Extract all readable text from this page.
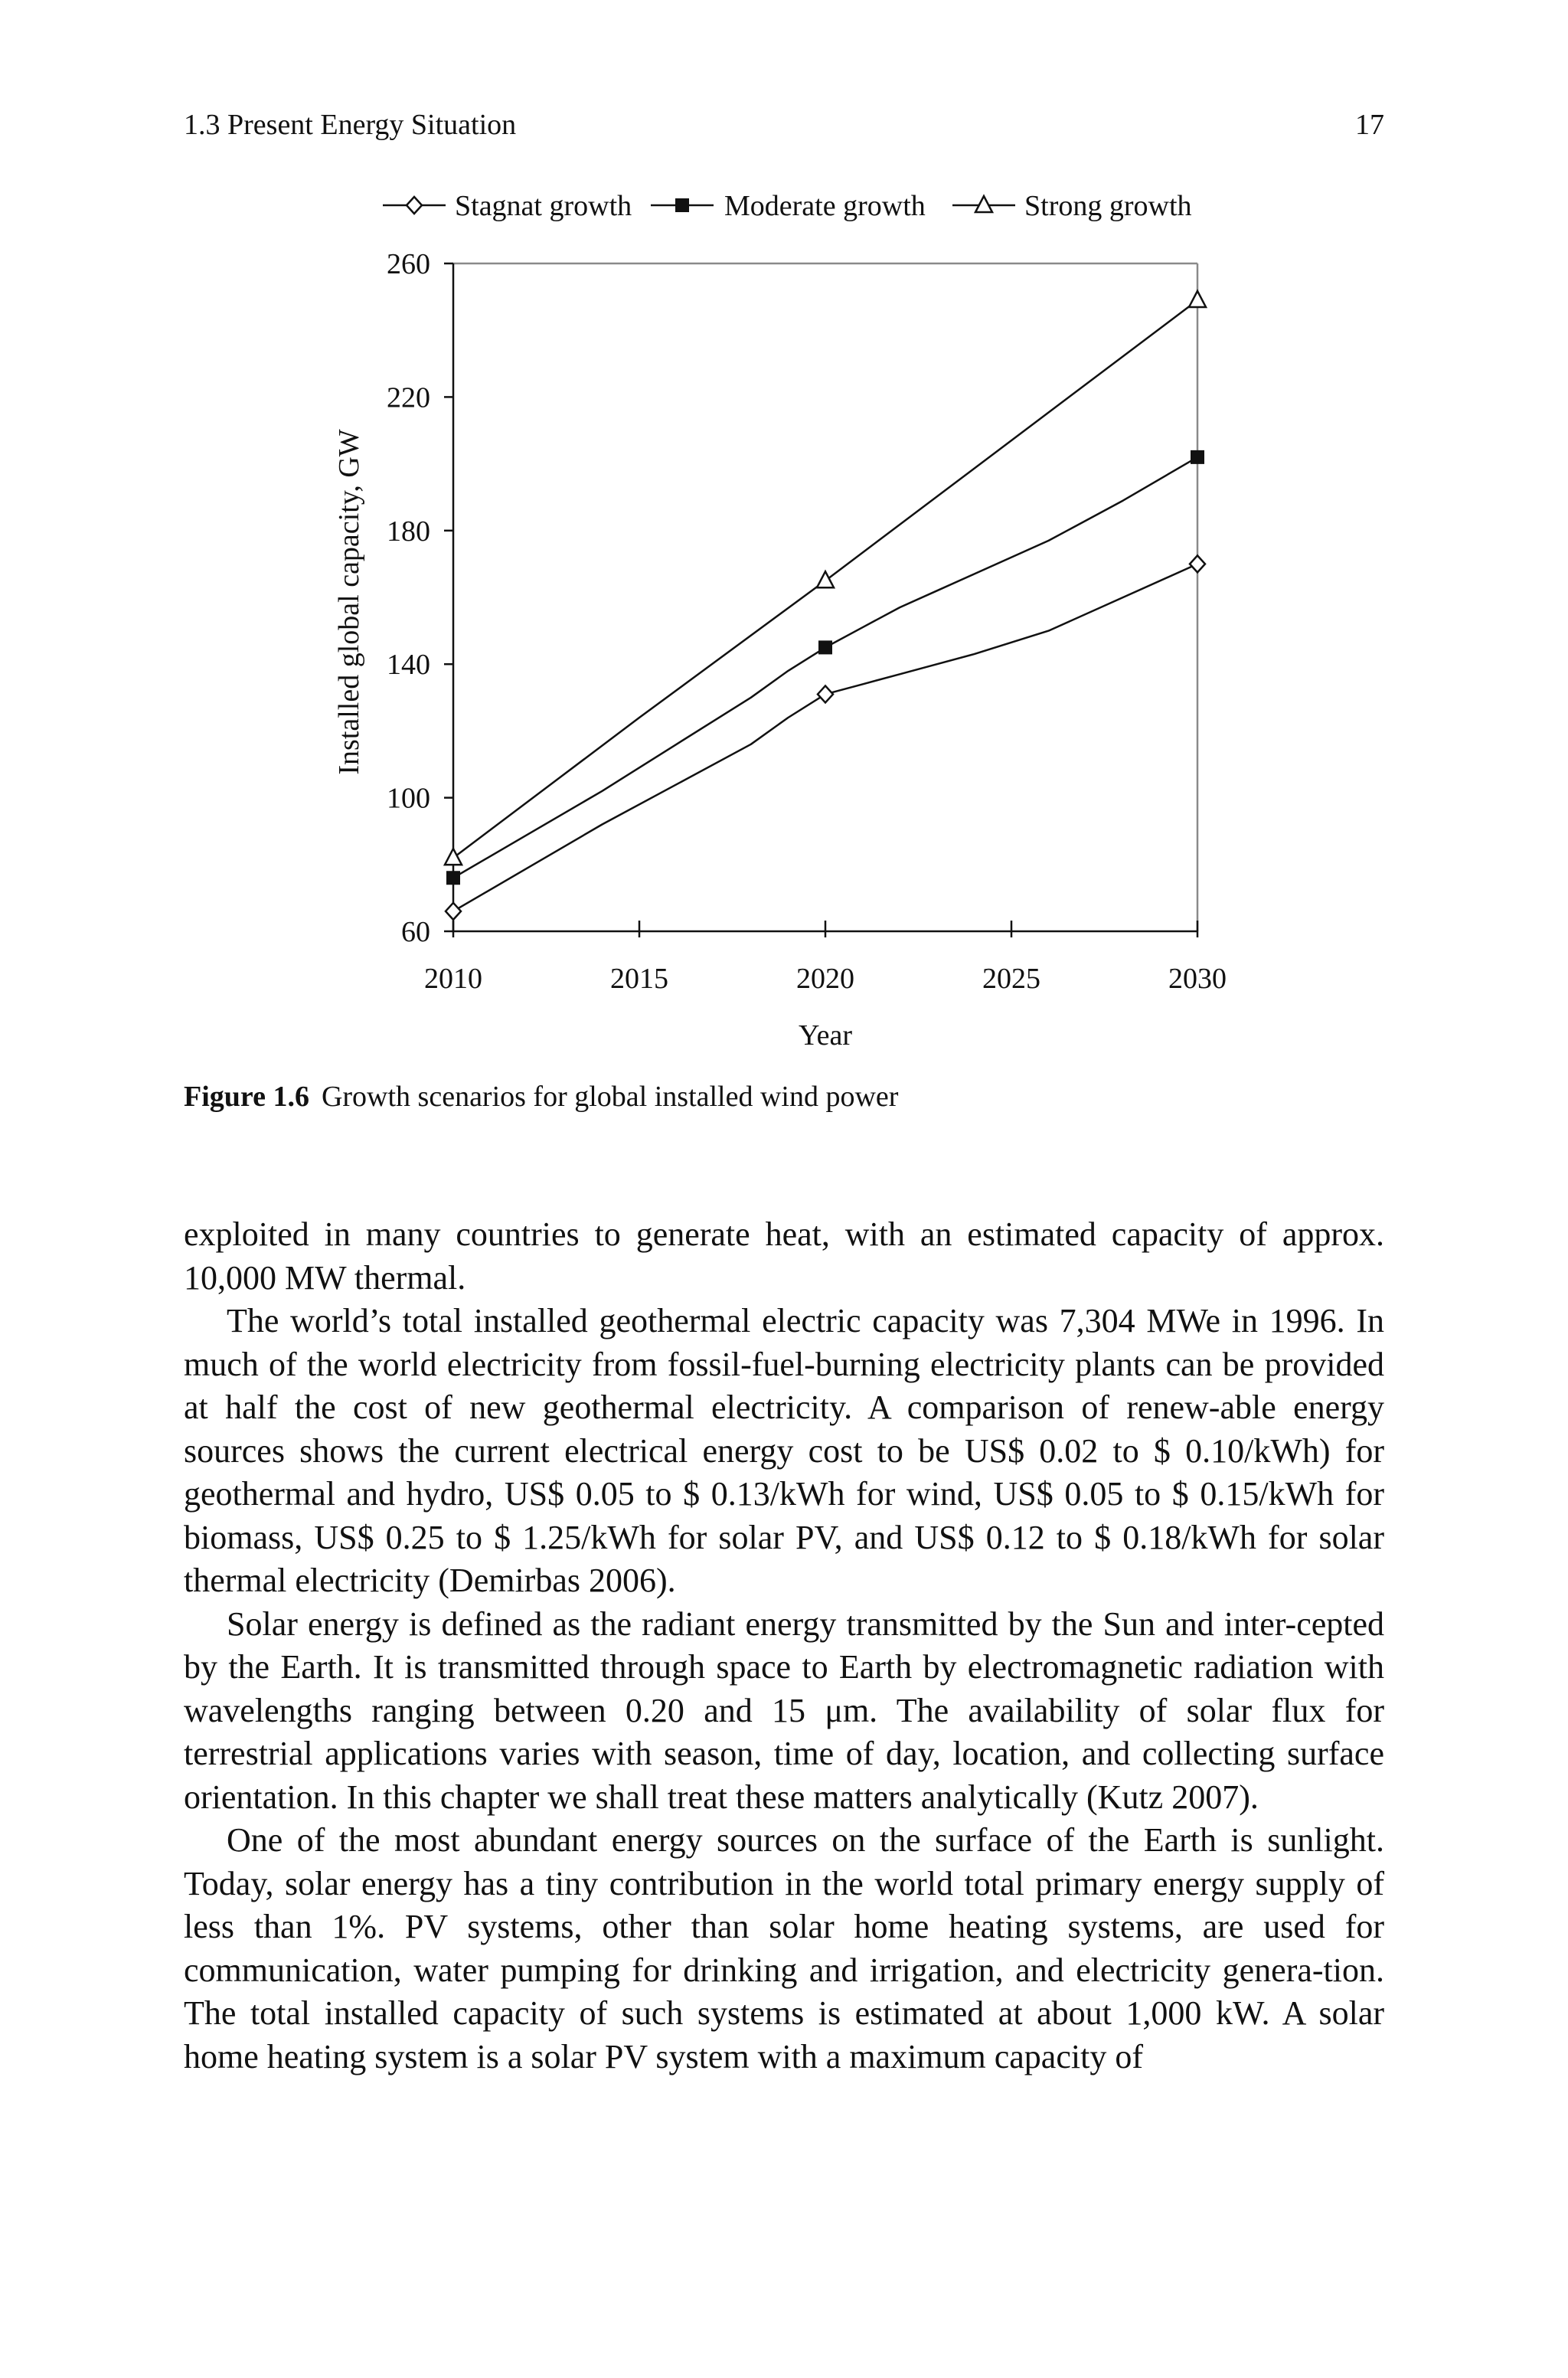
1.3 Present Energy Situation	17
60
100
140
180
220
260
2010	2015	2020	2025	2030
Year
Installed global capacity, GW
Stagnat growth	Moderate growth	Strong growth
Figure 1.6 Growth scenarios for global installed wind power

exploited in many countries to generate heat, with an estimated capacity of approx. 10,000 MW thermal.

The world’s total installed geothermal electric capacity was 7,304 MWe in 1996. In much of the world electricity from fossil-fuel-burning electricity plants can be provided at half the cost of new geothermal electricity. A comparison of renew-able energy sources shows the current electrical energy cost to be US$ 0.02 to $ 0.10/kWh) for geothermal and hydro, US$ 0.05 to $ 0.13/kWh for wind, US$ 0.05 to $ 0.15/kWh for biomass, US$ 0.25 to $ 1.25/kWh for solar PV, and US$ 0.12 to $ 0.18/kWh for solar thermal electricity (Demirbas 2006).

Solar energy is defined as the radiant energy transmitted by the Sun and inter-cepted by the Earth. It is transmitted through space to Earth by electromagnetic radiation with wavelengths ranging between 0.20 and 15 μm. The availability of solar flux for terrestrial applications varies with season, time of day, location, and collecting surface orientation. In this chapter we shall treat these matters analytically (Kutz 2007).

One of the most abundant energy sources on the surface of the Earth is sunlight. Today, solar energy has a tiny contribution in the world total primary energy supply of less than 1%. PV systems, other than solar home heating systems, are used for communication, water pumping for drinking and irrigation, and electricity genera-tion. The total installed capacity of such systems is estimated at about 1,000 kW. A solar home heating system is a solar PV system with a maximum capacity of
